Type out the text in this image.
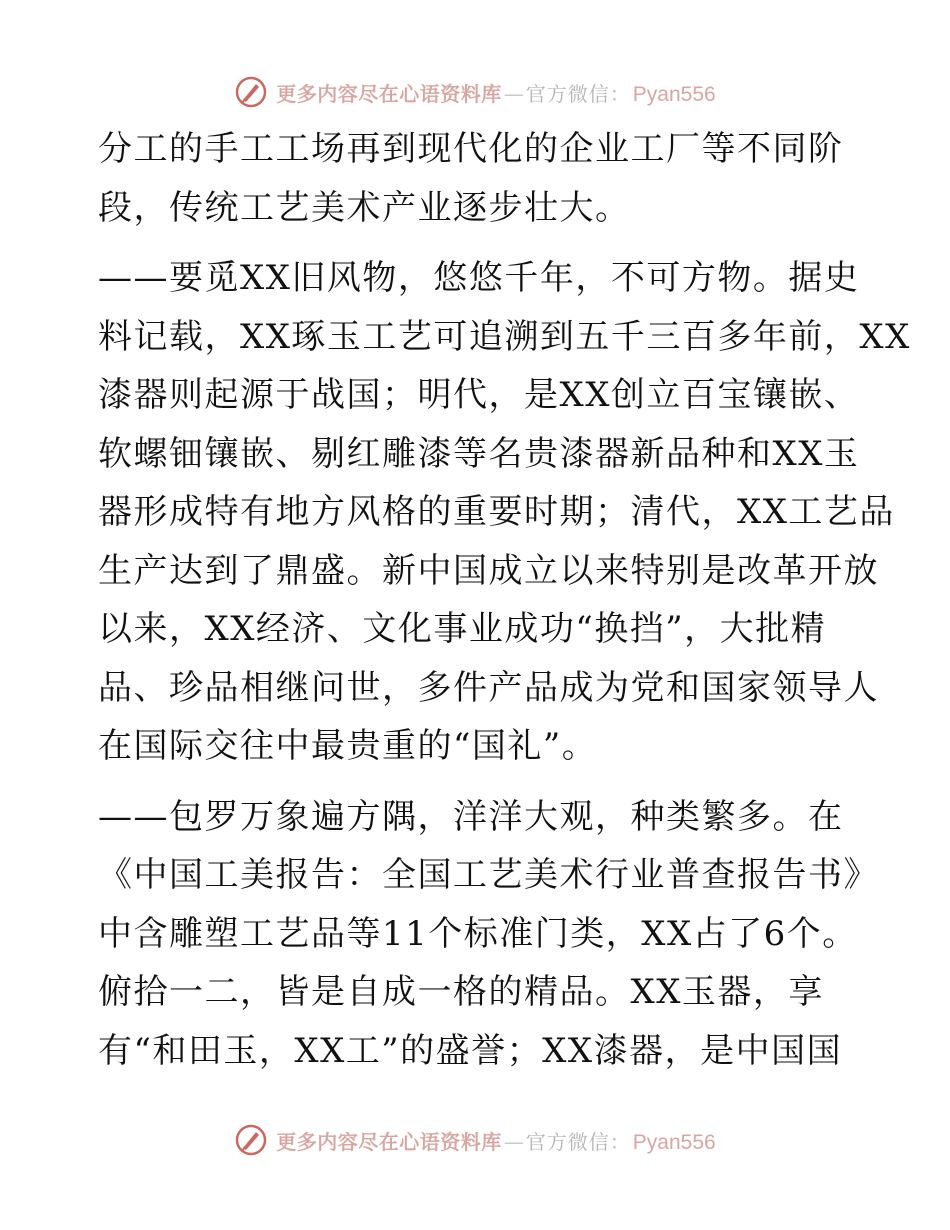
更多内容尽在心语资料库 — 官方微信： Pyan556
分工的手工工场再到现代化的企业工厂等不同阶
段，传统工艺美术产业逐步壮大。
——要觅XX旧风物，悠悠千年，不可方物。据史
料记载，XX琢玉工艺可追溯到五千三百多年前，XX
漆器则起源于战国；明代，是XX创立百宝镶嵌、
软螺钿镶嵌、剔红雕漆等名贵漆器新品种和XX玉
器形成特有地方风格的重要时期；清代，XX工艺品
生产达到了鼎盛。新中国成立以来特别是改革开放
以来，XX经济、文化事业成功“换挡”，大批精
品、珍品相继问世，多件产品成为党和国家领导人
在国际交往中最贵重的“国礼”。
——包罗万象遍方隅，洋洋大观，种类繁多。在
《中国工美报告：全国工艺美术行业普查报告书》
中含雕塑工艺品等11个标准门类，XX占了6个。
俯拾一二，皆是自成一格的精品。XX玉器，享
有“和田玉，XX工”的盛誉；XX漆器，是中国国
更多内容尽在心语资料库 — 官方微信： Pyan556
